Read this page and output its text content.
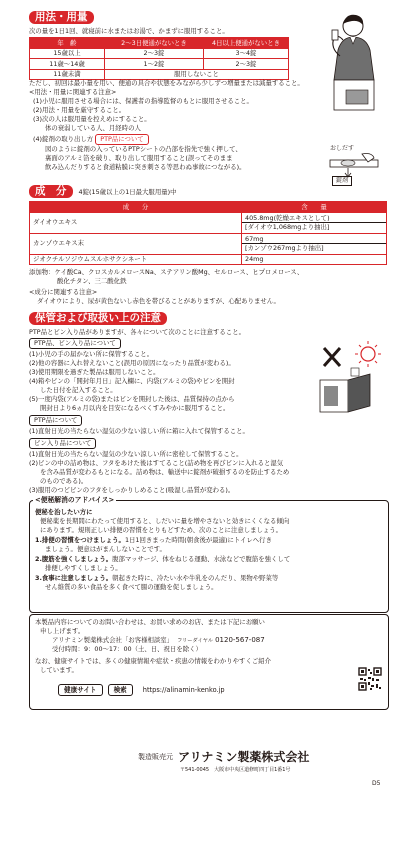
用法・用量
次の量を1日1回、就寝前に水またはお湯で、かまずに服用すること。
年　齢	2～3日便通がないとき	4日以上便通がないとき
15歳以上	2～3錠	3～4錠
11歳～14歳	1～2錠	2～3錠
11歳未満	服用しないこと	
ただし、初回は最小量を用い、便通の具合や状態をみながら少しずつ増量または減量すること。
<用法・用量に関連する注意>
(1)小児に服用させる場合には、保護者の指導監督のもとに服用させること。
(2)用法・用量を厳守すること。
(3)次の人は服用量を控えめにすること。
体の衰弱している人、月経時の人
(4)錠剤の取り出し方 PTP品について
図のように錠剤の入っているPTPシートの凸部を指先で強く押して、
裏面のアルミ箔を破り、取り出して服用すること(誤ってそのまま
飲み込んだりすると食道粘膜に突き刺さる等思わぬ事故につながる)。
おしだす
錠剤
成　分 4錠(15歳以上の1日最大服用量)中
成　　分	含　　量
ダイオウエキス	405.8mg(乾燥エキスとして)
[ダイオウ1,068mgより抽出]

カンゾウエキス末	67mg
[カンゾウ267mgより抽出]

ジオクチルソジウムスルホサクシネート	24mg
添加物：ケイ酸Ca、クロスカルメロースNa、ステアリン酸Mg、セルロース、ヒプロメロース、
酸化チタン、三二酸化鉄
<成分に関連する注意>
ダイオウにより、尿が黄色ないし赤色を帯びることがありますが、心配ありません。
保管および取扱い上の注意
PTP品とビン入り品がありますが、各々について次のことに注意すること。
PTP品、ビン入り品について
(1)小児の手の届かない所に保管すること。
(2)他の容器に入れ替えないこと(誤用の原因になったり品質が変わる)。
(3)使用期限を過ぎた製品は服用しないこと。
(4)箱やビンの「開封年月日」記入欄に、内袋(アルミの袋)やビンを開封
した日付を記入すること。
(5)一度内袋(アルミの袋)またはビンを開封した後は、品質保持の点から
開封日より6ヵ月以内を目安になるべくすみやかに服用すること。
PTP品について
(1)直射日光の当たらない湿気の少ない涼しい所に箱に入れて保管すること。
ビン入り品について
(1)直射日光の当たらない湿気の少ない涼しい所に密栓して保管すること。
(2)ビンの中の詰め物は、フタをあけた後はすてること(詰め物を再びビンに入れると湿気
を含み品質が変わるもとになる。詰め物は、輸送中に錠剤が破損するのを防止するため
のものである)。
(3)服用のつどビンのフタをしっかりしめること(吸湿し品質が変わる)。
<便秘解消のアドバイス>
便秘を治したい方に
便秘薬を長期間にわたって使用すると、しだいに量を増やさないと効きにくくなる傾向
にあります。規則正しい排便の習慣をとりもどすため、次のことに注意しましょう。
1.排便の習慣をつけましょう。1日1回きまった時間(朝食後が最適)にトイレへ行き
ましょう。便意はがまんしないことです。
2.腹筋を強くしましょう。腹部マッサージ、体をねじる運動、水泳などで腹筋を強くして
排便しやすくしましょう。
3.食事に注意しましょう。朝起きた時に、冷たい水や牛乳をのんだり、果物や野菜等
せん維質の多い食品を多く食べて腸の運動を促しましょう。
本製品内容についてのお問い合わせは、お買い求めのお店、または下記にお願い
申し上げます。
アリナミン製薬株式会社「お客様相談室」 フリーダイヤル 0120-567-087
受付時間：9：00～17：00（土、日、祝日を除く）
なお、健康サイトでは、多くの健康情報や症状・疾患の情報をわかりやすくご紹介
しています。
健康サイト	検索 https://alinamin-kenko.jp
製造販売元 アリナミン製薬株式会社
〒541-0045　大阪市中央区道修町四丁目1番1号
D5
